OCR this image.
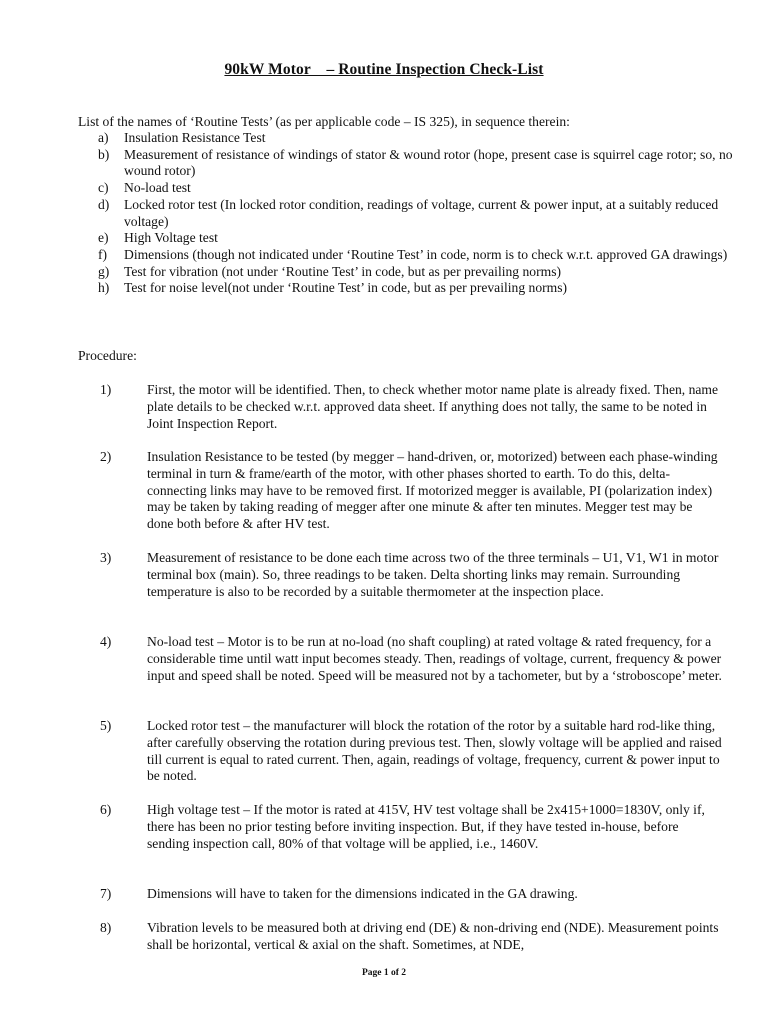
90kW Motor    – Routine Inspection Check-List
List of the names of ‘Routine Tests’ (as per applicable code – IS 325), in sequence therein:
a) Insulation Resistance Test
b) Measurement of resistance of windings of stator & wound rotor (hope, present case is squirrel cage rotor; so, no wound rotor)
c) No-load test
d) Locked rotor test (In locked rotor condition, readings of voltage, current & power input, at a suitably reduced voltage)
e) High Voltage test
f) Dimensions (though not indicated under ‘Routine Test’ in code, norm is to check w.r.t. approved GA drawings)
g) Test for vibration (not under ‘Routine Test’ in code, but as per prevailing norms)
h) Test for noise level(not under ‘Routine Test’ in code, but as per prevailing norms)
Procedure:
1)	First, the motor will be identified. Then, to check whether motor name plate is already fixed. Then, name plate details to be checked w.r.t. approved data sheet. If anything does not tally, the same to be noted in Joint Inspection Report.
2)	Insulation Resistance to be tested (by megger – hand-driven, or, motorized) between each phase-winding terminal in turn & frame/earth of the motor, with other phases shorted to earth. To do this, delta-connecting links may have to be removed first. If motorized megger is available, PI (polarization index) may be taken by taking reading of megger after one minute & after ten minutes. Megger test may be done both before & after HV test.
3)	Measurement of resistance to be done each time across two of the three terminals – U1, V1, W1 in motor terminal box (main). So, three readings to be taken. Delta shorting links may remain. Surrounding temperature is also to be recorded by a suitable thermometer at the inspection place.
4)	No-load test – Motor is to be run at no-load (no shaft coupling) at rated voltage & rated frequency, for a considerable time until watt input becomes steady. Then, readings of voltage, current, frequency & power input and speed shall be noted. Speed will be measured not by a tachometer, but by a ‘stroboscope’ meter.
5)	Locked rotor test – the manufacturer will block the rotation of the rotor by a suitable hard rod-like thing, after carefully observing the rotation during previous test. Then, slowly voltage will be applied and raised till current is equal to rated current. Then, again, readings of voltage, frequency, current & power input to be noted.
6)	High voltage test – If the motor is rated at 415V, HV test voltage shall be 2x415+1000=1830V, only if, there has been no prior testing before inviting inspection. But, if they have tested in-house, before sending inspection call, 80% of that voltage will be applied, i.e., 1460V.
7)	Dimensions will have to taken for the dimensions indicated in the GA drawing.
8)	Vibration levels to be measured both at driving end (DE) & non-driving end (NDE). Measurement points shall be horizontal, vertical & axial on the shaft. Sometimes, at NDE,
Page 1 of 2
